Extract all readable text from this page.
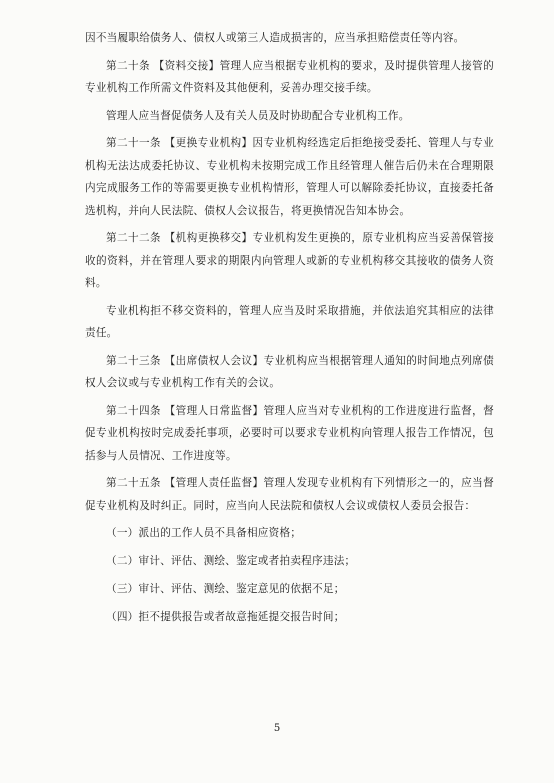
因不当履职给债务人、债权人或第三人造成损害的，应当承担赔偿责任等内容。

第二十条 【资料交接】管理人应当根据专业机构的要求，及时提供管理人接管的专业机构工作所需文件资料及其他便利，妥善办理交接手续。

管理人应当督促债务人及有关人员及时协助配合专业机构工作。

第二十一条 【更换专业机构】因专业机构经选定后拒绝接受委托、管理人与专业机构无法达成委托协议、专业机构未按期完成工作且经管理人催告后仍未在合理期限内完成服务工作的等需要更换专业机构情形，管理人可以解除委托协议，直接委托备选机构，并向人民法院、债权人会议报告，将更换情况告知本协会。

第二十二条 【机构更换移交】专业机构发生更换的，原专业机构应当妥善保管接收的资料，并在管理人要求的期限内向管理人或新的专业机构移交其接收的债务人资料。

专业机构拒不移交资料的，管理人应当及时采取措施，并依法追究其相应的法律责任。

第二十三条 【出席债权人会议】专业机构应当根据管理人通知的时间地点列席债权人会议或与专业机构工作有关的会议。

第二十四条 【管理人日常监督】管理人应当对专业机构的工作进度进行监督，督促专业机构按时完成委托事项，必要时可以要求专业机构向管理人报告工作情况，包括参与人员情况、工作进度等。

第二十五条 【管理人责任监督】管理人发现专业机构有下列情形之一的，应当督促专业机构及时纠正。同时，应当向人民法院和债权人会议或债权人委员会报告：

（一）派出的工作人员不具备相应资格；
（二）审计、评估、测绘、鉴定或者拍卖程序违法；
（三）审计、评估、测绘、鉴定意见的依据不足；
（四）拒不提供报告或者故意拖延提交报告时间；
5
